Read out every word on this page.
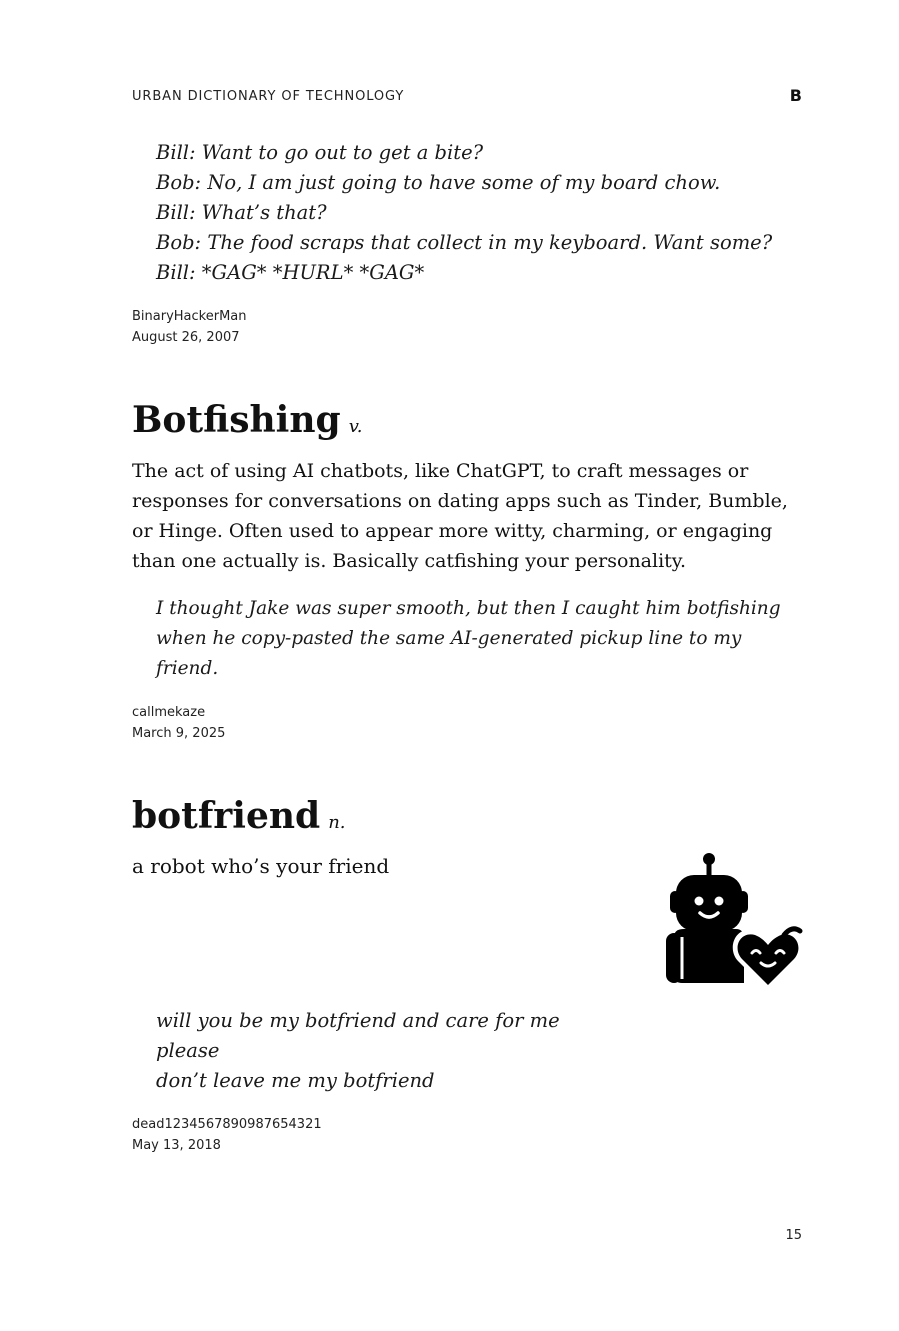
URBAN DICTIONARY OF TECHNOLOGY	B
Bill: Want to go out to get a bite?
Bob: No, I am just going to have some of my board chow.
Bill: What’s that?
Bob: The food scraps that collect in my keyboard. Want some?
Bill: *GAG* *HURL* *GAG*
BinaryHackerMan
August 26, 2007
Botfishing v.
The act of using AI chatbots, like ChatGPT, to craft messages or
responses for conversations on dating apps such as Tinder, Bumble,
or Hinge. Often used to appear more witty, charming, or engaging
than one actually is. Basically catfishing your personality.
I thought Jake was super smooth, but then I caught him botfishing
when he copy-pasted the same AI-generated pickup line to my
friend.
callmekaze
March 9, 2025
botfriend n.
a robot who’s your friend
will you be my botfriend and care for me
please
don’t leave me my botfriend
dead1234567890987654321
May 13, 2018
15
